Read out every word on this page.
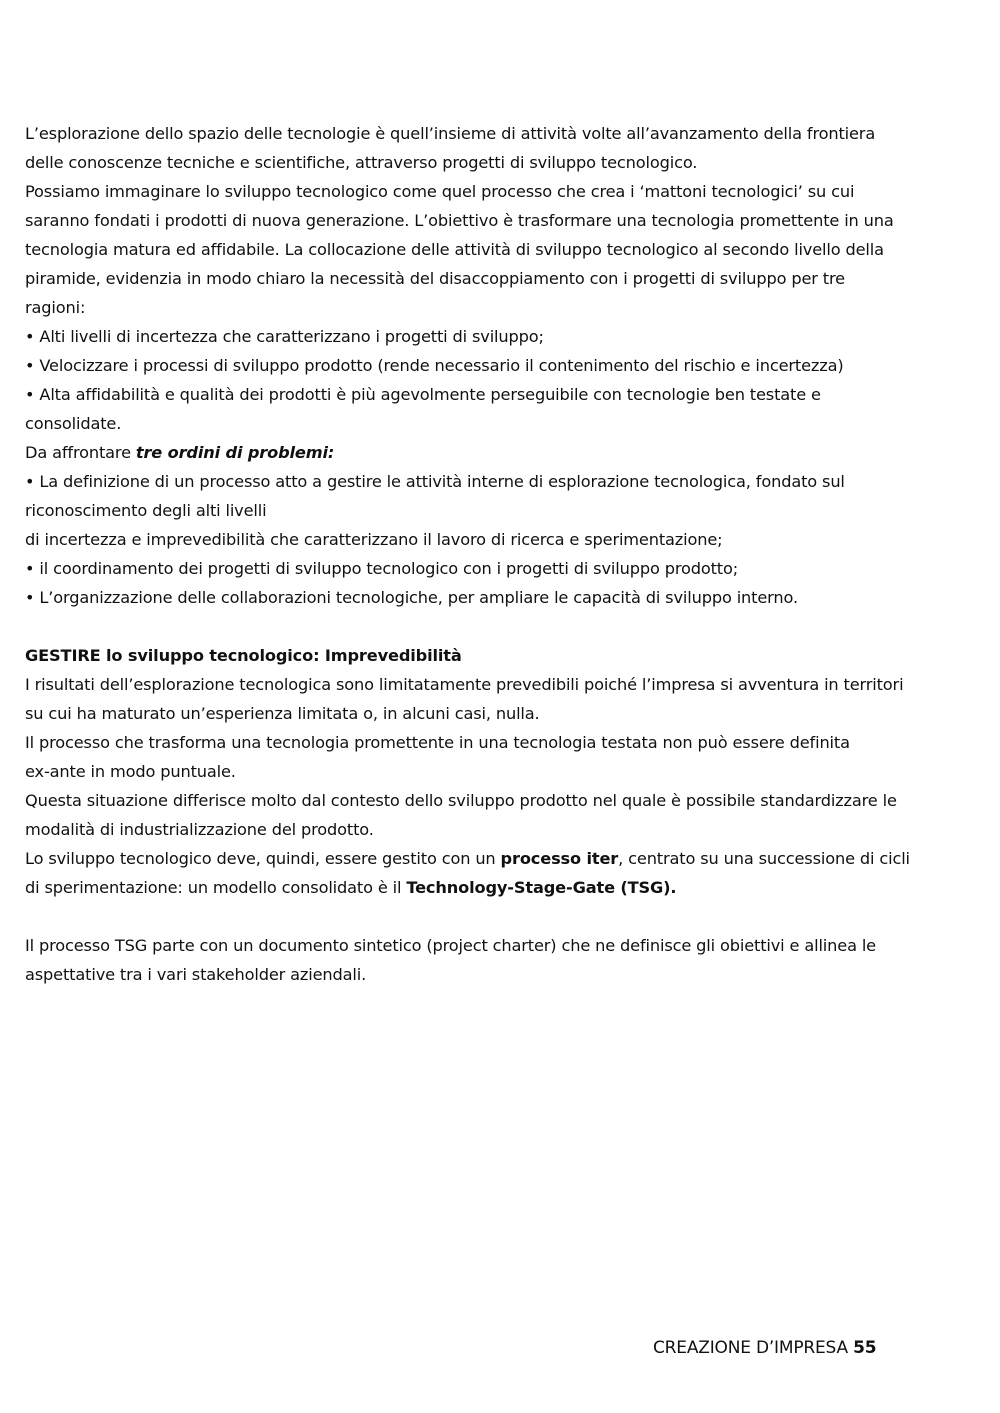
L’esplorazione dello spazio delle tecnologie è quell’insieme di attività volte all’avanzamento della frontiera
delle conoscenze tecniche e scientifiche, attraverso progetti di sviluppo tecnologico.
Possiamo immaginare lo sviluppo tecnologico come quel processo che crea i ‘mattoni tecnologici’ su cui
saranno fondati i prodotti di nuova generazione. L’obiettivo è trasformare una tecnologia promettente in una
tecnologia matura ed affidabile. La collocazione delle attività di sviluppo tecnologico al secondo livello della
piramide, evidenzia in modo chiaro la necessità del disaccoppiamento con i progetti di sviluppo per tre
ragioni:
• Alti livelli di incertezza che caratterizzano i progetti di sviluppo;
• Velocizzare i processi di sviluppo prodotto (rende necessario il contenimento del rischio e incertezza)
• Alta affidabilità e qualità dei prodotti è più agevolmente perseguibile con tecnologie ben testate e
consolidate.
Da affrontare tre ordini di problemi:
• La definizione di un processo atto a gestire le attività interne di esplorazione tecnologica, fondato sul
riconoscimento degli alti livelli
di incertezza e imprevedibilità che caratterizzano il lavoro di ricerca e sperimentazione;
• il coordinamento dei progetti di sviluppo tecnologico con i progetti di sviluppo prodotto;
• L’organizzazione delle collaborazioni tecnologiche, per ampliare le capacità di sviluppo interno.
GESTIRE lo sviluppo tecnologico: Imprevedibilità
I risultati dell’esplorazione tecnologica sono limitatamente prevedibili poiché l’impresa si avventura in territori
su cui ha maturato un’esperienza limitata o, in alcuni casi, nulla.
Il processo che trasforma una tecnologia promettente in una tecnologia testata non può essere definita
ex-ante in modo puntuale.
Questa situazione differisce molto dal contesto dello sviluppo prodotto nel quale è possibile standardizzare le
modalità di industrializzazione del prodotto.
Lo sviluppo tecnologico deve, quindi, essere gestito con un processo iter, centrato su una successione di cicli
di sperimentazione: un modello consolidato è il Technology-Stage-Gate (TSG).
Il processo TSG parte con un documento sintetico (project charter) che ne definisce gli obiettivi e allinea le
aspettative tra i vari stakeholder aziendali.
CREAZIONE D’IMPRESA 55
